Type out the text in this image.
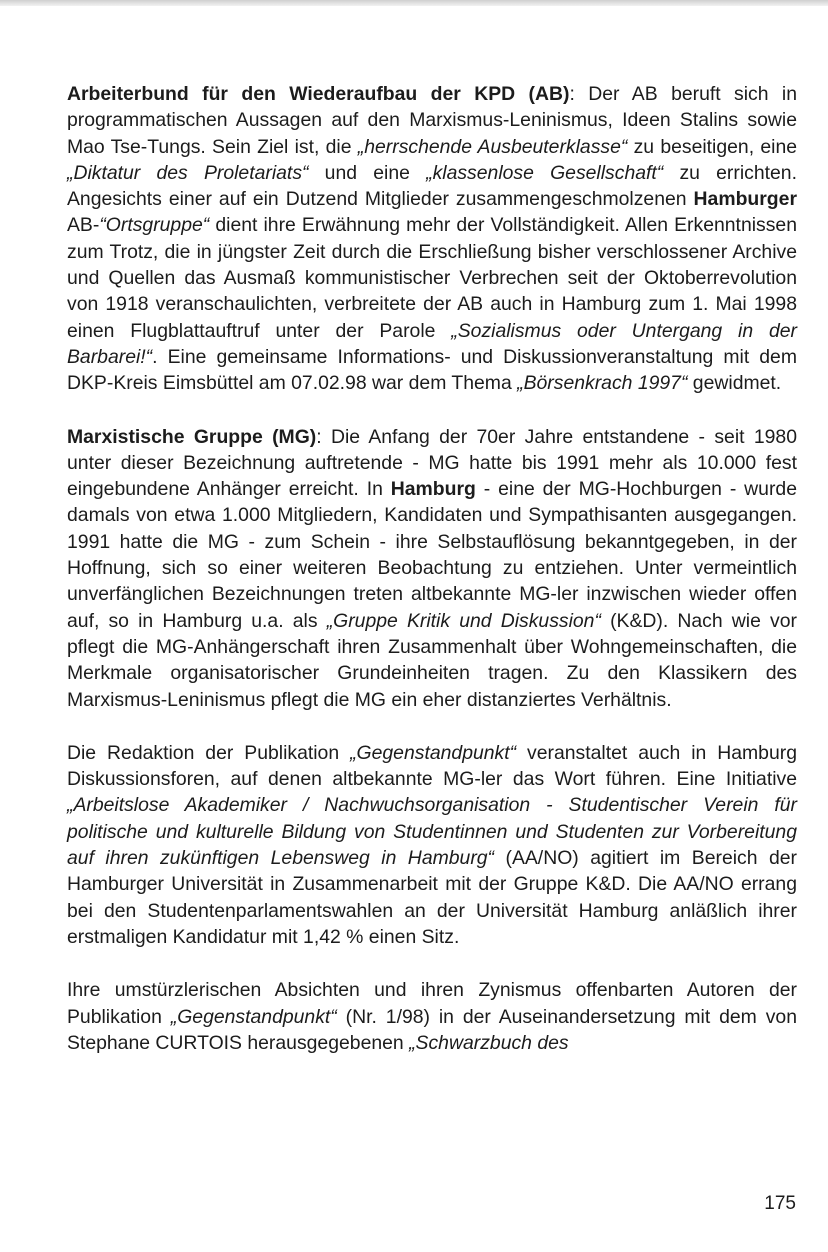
Arbeiterbund für den Wiederaufbau der KPD (AB): Der AB beruft sich in programmatischen Aussagen auf den Marxismus-Leninismus, Ideen Stalins sowie Mao Tse-Tungs. Sein Ziel ist, die „herrschende Ausbeuterklasse“ zu beseitigen, eine „Diktatur des Proletariats“ und eine „klassenlose Gesellschaft“ zu errichten. Angesichts einer auf ein Dutzend Mitglieder zusammengeschmolzenen Hamburger AB-“Ortsgruppe“ dient ihre Erwähnung mehr der Vollständigkeit. Allen Erkenntnissen zum Trotz, die in jüngster Zeit durch die Erschließung bisher verschlossener Archive und Quellen das Ausmaß kommunistischer Verbrechen seit der Oktoberrevolution von 1918 veranschaulichten, verbreitete der AB auch in Hamburg zum 1. Mai 1998 einen Flugblattauftruf unter der Parole „Sozialismus oder Untergang in der Barbarei!“. Eine gemeinsame Informations- und Diskussionveranstaltung mit dem DKP-Kreis Eimsbüttel am 07.02.98 war dem Thema „Börsenkrach 1997“ gewidmet.

Marxistische Gruppe (MG): Die Anfang der 70er Jahre entstandene - seit 1980 unter dieser Bezeichnung auftretende - MG hatte bis 1991 mehr als 10.000 fest eingebundene Anhänger erreicht. In Hamburg - eine der MG-Hochburgen - wurde damals von etwa 1.000 Mitgliedern, Kandidaten und Sympathisanten ausgegangen. 1991 hatte die MG - zum Schein - ihre Selbstauflösung bekanntgegeben, in der Hoffnung, sich so einer weiteren Beobachtung zu entziehen. Unter vermeintlich unverfänglichen Bezeichnungen treten altbekannte MG-ler inzwischen wieder offen auf, so in Hamburg u.a. als „Gruppe Kritik und Diskussion“ (K&D). Nach wie vor pflegt die MG-Anhängerschaft ihren Zusammenhalt über Wohngemeinschaften, die Merkmale organisatorischer Grundeinheiten tragen. Zu den Klassikern des Marxismus-Leninismus pflegt die MG ein eher distanziertes Verhältnis.

Die Redaktion der Publikation „Gegenstandpunkt“ veranstaltet auch in Hamburg Diskussionsforen, auf denen altbekannte MG-ler das Wort führen. Eine Initiative „Arbeitslose Akademiker / Nachwuchsorganisation - Studentischer Verein für politische und kulturelle Bildung von Studentinnen und Studenten zur Vorbereitung auf ihren zukünftigen Lebensweg in Hamburg“ (AA/NO) agitiert im Bereich der Hamburger Universität in Zusammenarbeit mit der Gruppe K&D. Die AA/NO errang bei den Studentenparlamentswahlen an der Universität Hamburg anläßlich ihrer erstmaligen Kandidatur mit 1,42 % einen Sitz.

Ihre umstürzlerischen Absichten und ihren Zynismus offenbarten Autoren der Publikation „Gegenstandpunkt“ (Nr. 1/98) in der Auseinandersetzung mit dem von Stephane CURTOIS herausgegebenen „Schwarzbuch des

175
